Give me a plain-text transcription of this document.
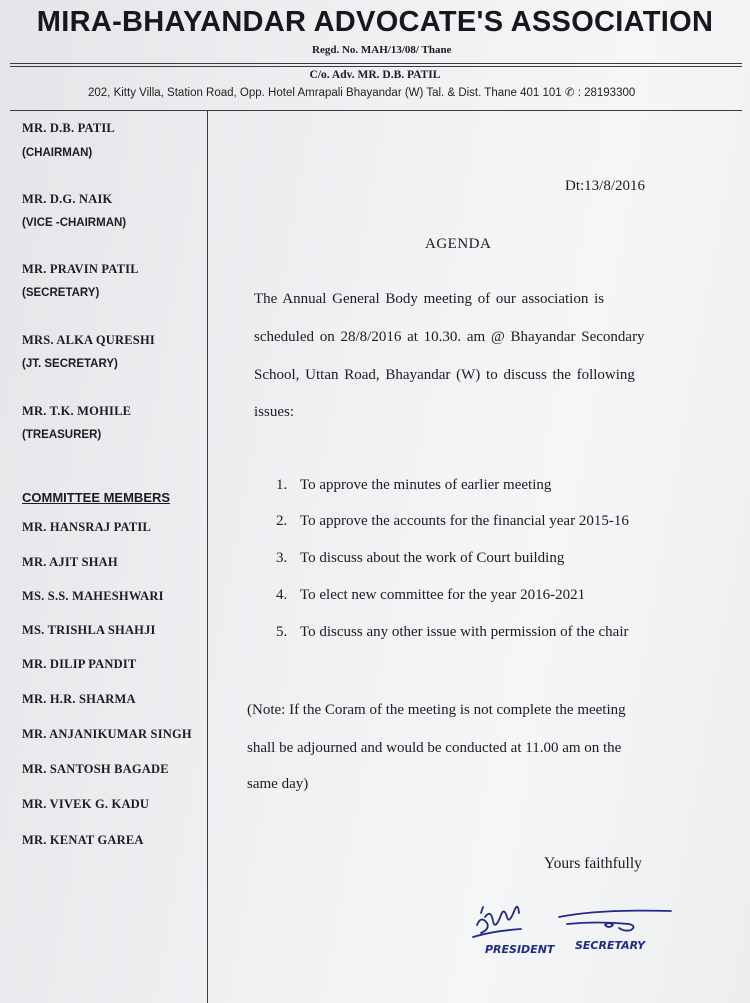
MIRA-BHAYANDAR ADVOCATE'S ASSOCIATION
Regd. No. MAH/13/08/ Thane
C/o. Adv. MR. D.B. PATIL
202, Kitty Villa, Station Road, Opp. Hotel Amrapali Bhayandar (W) Tal. & Dist. Thane 401 101 ✆ : 28193300
MR. D.B. PATIL
(CHAIRMAN)
MR. D.G. NAIK
(VICE -CHAIRMAN)
MR. PRAVIN PATIL
(SECRETARY)
MRS. ALKA QURESHI
(JT. SECRETARY)
MR. T.K. MOHILE
(TREASURER)
COMMITTEE MEMBERS
MR. HANSRAJ PATIL
MR. AJIT SHAH
MS. S.S. MAHESHWARI
MS. TRISHLA SHAHJI
MR. DILIP PANDIT
MR. H.R. SHARMA
MR. ANJANIKUMAR SINGH
MR. SANTOSH BAGADE
MR. VIVEK G. KADU
MR. KENAT GAREA
Dt:13/8/2016
AGENDA
The Annual General Body meeting of our association is
scheduled on 28/8/2016 at 10.30. am @ Bhayandar Secondary
School, Uttan Road, Bhayandar (W) to discuss the following
issues:
1. To approve the minutes of earlier meeting
2. To approve the accounts for the financial year 2015-16
3. To discuss about the work of Court building
4. To elect new committee for the year 2016-2021
5. To discuss any other issue with permission of the chair
(Note: If the Coram of the meeting is not complete the meeting
shall be adjourned and would be conducted at 11.00 am on the
same day)
Yours faithfully
PRESIDENT SECRETARY
